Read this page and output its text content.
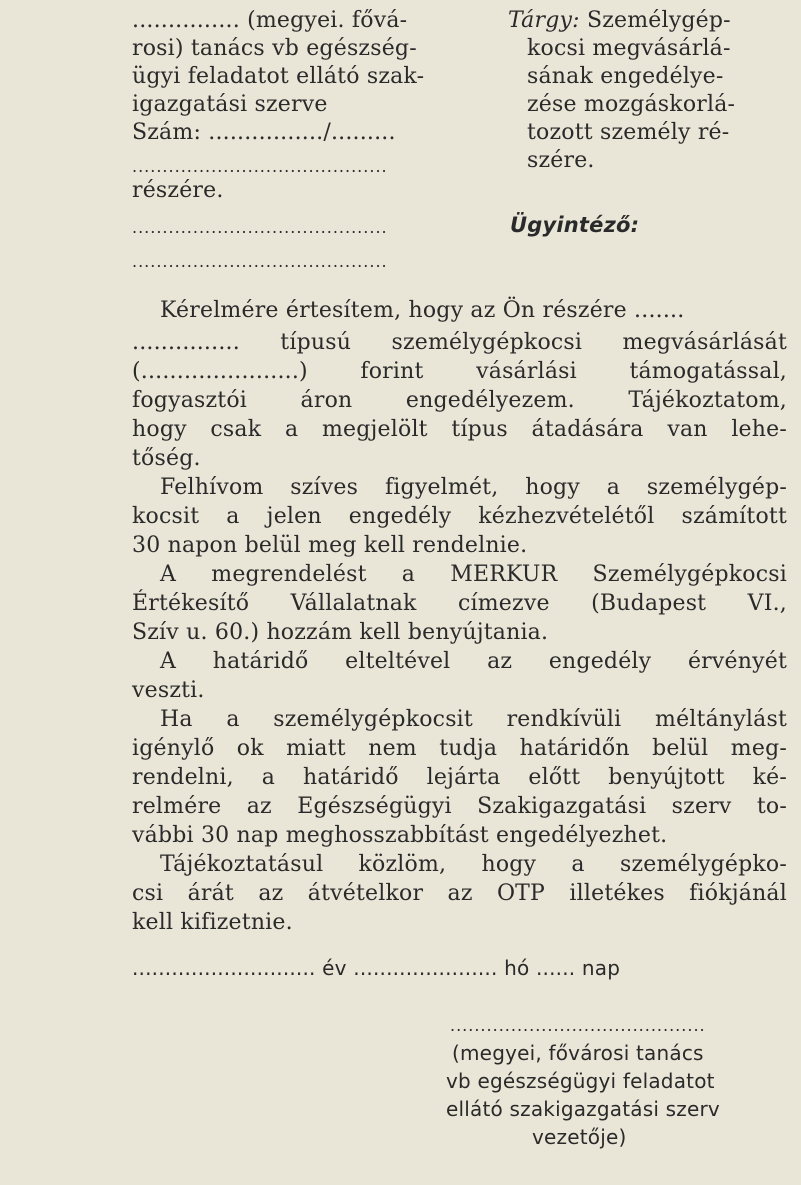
............... (megyei. fővá-
rosi) tanács vb egészség-
ügyi feladatot ellátó szak-
igazgatási szerve
Szám: ................/.........
..........................................
részére.
..........................................
..........................................
Tárgy: Személygép-
kocsi megvásárlá-
sának engedélye-
zése mozgáskorlá-
tozott személy ré-
szére.
Ügyintéző:
Kérelmére értesítem, hogy az Ön részére .......
............... típusú személygépkocsi megvásárlását
(......................) forint vásárlási támogatással,
fogyasztói áron engedélyezem. Tájékoztatom,
hogy csak a megjelölt típus átadására van lehe-
tőség.
Felhívom szíves figyelmét, hogy a személygép-
kocsit a jelen engedély kézhezvételétől számított
30 napon belül meg kell rendelnie.
A megrendelést a MERKUR Személygépkocsi
Értékesítő Vállalatnak címezve (Budapest VI.,
Szív u. 60.) hozzám kell benyújtania.
A határidő elteltével az engedély érvényét
veszti.
Ha a személygépkocsit rendkívüli méltánylást
igénylő ok miatt nem tudja határidőn belül meg-
rendelni, a határidő lejárta előtt benyújtott ké-
relmére az Egészségügyi Szakigazgatási szerv to-
vábbi 30 nap meghosszabbítást engedélyezhet.
Tájékoztatásul közlöm, hogy a személygépko-
csi árát az átvételkor az OTP illetékes fiókjánál
kell kifizetnie.
............................ év ...................... hó ...... nap
..........................................
(megyei, fővárosi tanács
vb egészségügyi feladatot
ellátó szakigazgatási szerv
vezetője)
